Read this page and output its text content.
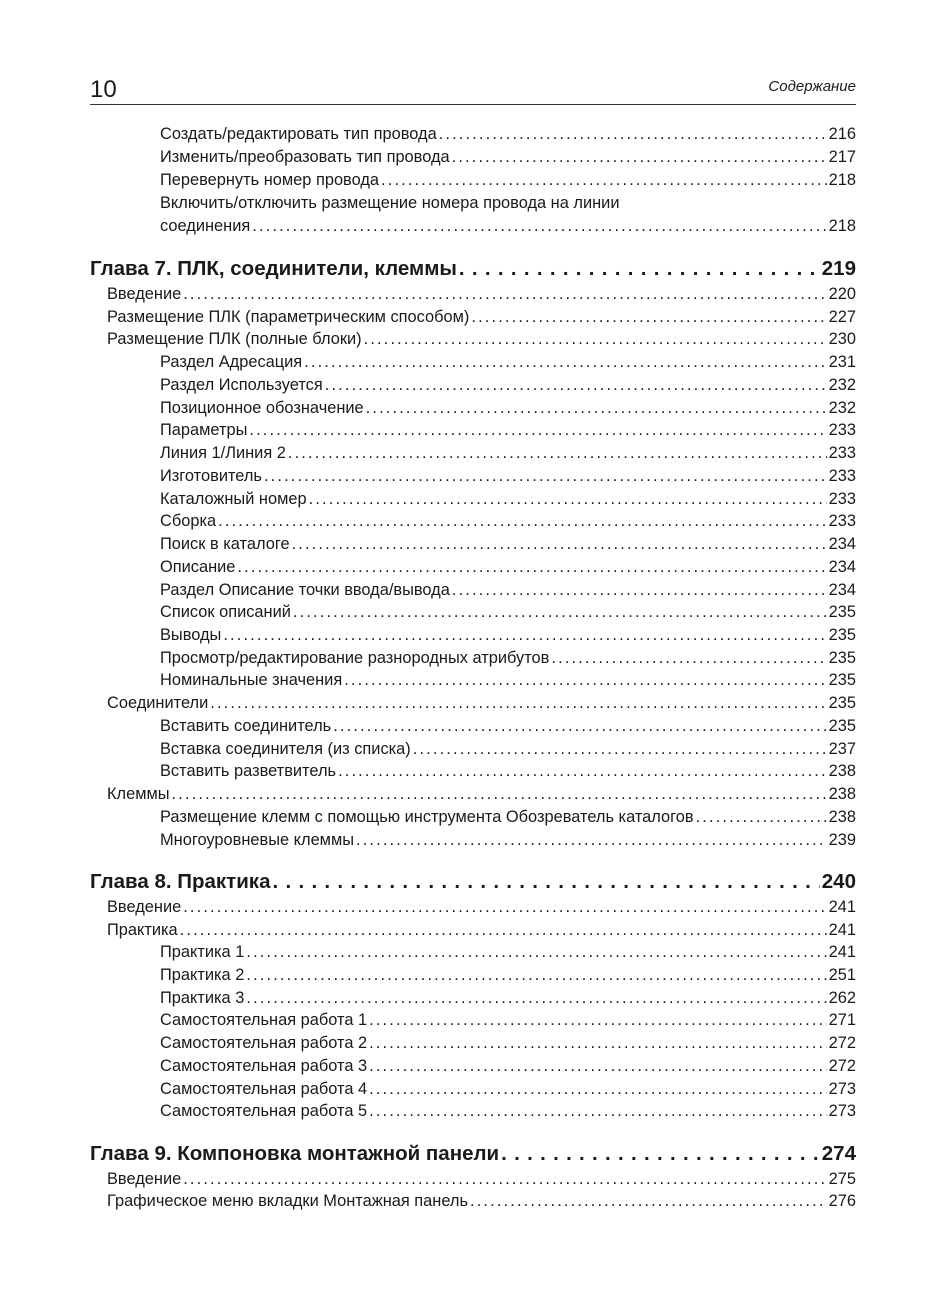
10	Содержание
Создать/редактировать тип провода . . .	216
Изменить/преобразовать тип провода . . .	217
Перевернуть номер провода . . .	218
Включить/отключить размещение номера провода на линии
соединения . . .	218
Глава 7. ПЛК, соединители, клеммы . . .	219
Введение . . .	220
Размещение ПЛК (параметрическим способом) . . .	227
Размещение ПЛК (полные блоки) . . .	230
Раздел Адресация . . .	231
Раздел Используется . . .	232
Позиционное обозначение . . .	232
Параметры . . .	233
Линия 1/Линия 2 . . .	233
Изготовитель . . .	233
Каталожный номер . . .	233
Сборка . . .	233
Поиск в каталоге . . .	234
Описание . . .	234
Раздел Описание точки ввода/вывода . . .	234
Список описаний . . .	235
Выводы . . .	235
Просмотр/редактирование разнородных атрибутов . . .	235
Номинальные значения . . .	235
Соединители . . .	235
Вставить соединитель . . .	235
Вставка соединителя (из списка) . . .	237
Вставить разветвитель . . .	238
Клеммы . . .	238
Размещение клемм с помощью инструмента Обозреватель каталогов . . .	238
Многоуровневые клеммы . . .	239
Глава 8. Практика . . .	240
Введение . . .	241
Практика . . .	241
Практика 1 . . .	241
Практика 2 . . .	251
Практика 3 . . .	262
Самостоятельная работа 1 . . .	271
Самостоятельная работа 2 . . .	272
Самостоятельная работа 3 . . .	272
Самостоятельная работа 4 . . .	273
Самостоятельная работа 5 . . .	273
Глава 9. Компоновка монтажной панели . . .	274
Введение . . .	275
Графическое меню вкладки Монтажная панель . . .	276
